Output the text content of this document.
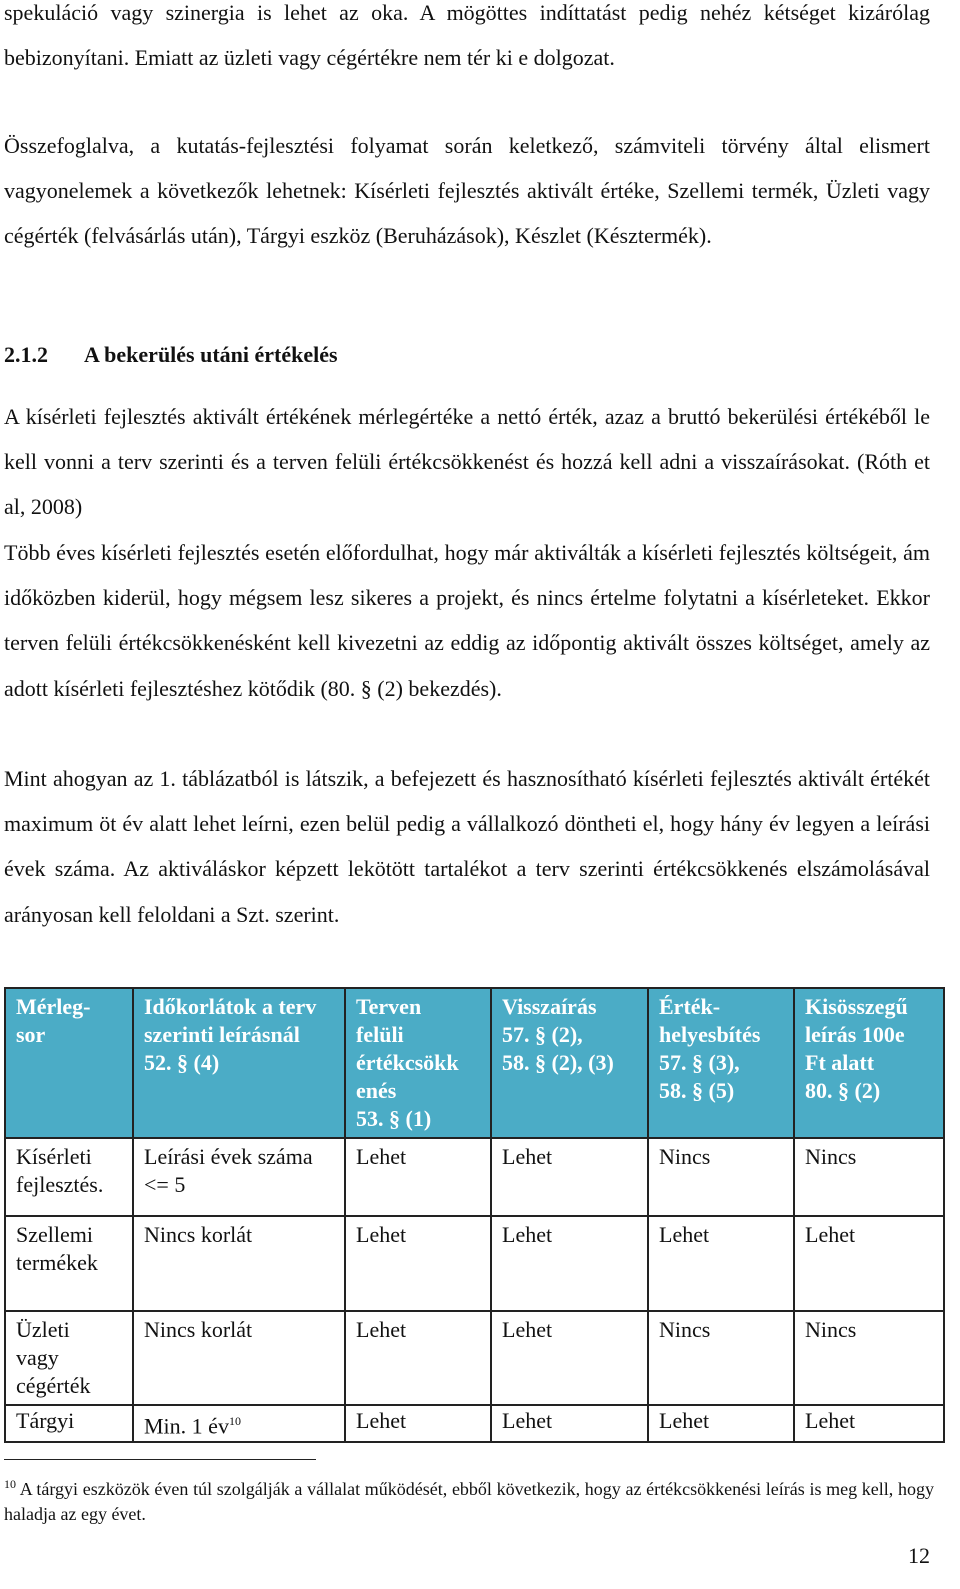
spekuláció vagy szinergia is lehet az oka. A mögöttes indíttatást pedig nehéz kétséget kizárólag bebizonyítani. Emiatt az üzleti vagy cégértékre nem tér ki e dolgozat.

Összefoglalva, a kutatás-fejlesztési folyamat során keletkező, számviteli törvény által elismert vagyonelemek a következők lehetnek: Kísérleti fejlesztés aktivált értéke, Szellemi termék, Üzleti vagy cégérték (felvásárlás után), Tárgyi eszköz (Beruházások), Készlet (Késztermék).

2.1.2 A bekerülés utáni értékelés

A kísérleti fejlesztés aktivált értékének mérlegértéke a nettó érték, azaz a bruttó bekerülési értékéből le kell vonni a terv szerinti és a terven felüli értékcsökkenést és hozzá kell adni a visszaírásokat. (Róth et al, 2008)

Több éves kísérleti fejlesztés esetén előfordulhat, hogy már aktiválták a kísérleti fejlesztés költségeit, ám időközben kiderül, hogy mégsem lesz sikeres a projekt, és nincs értelme folytatni a kísérleteket. Ekkor terven felüli értékcsökkenésként kell kivezetni az eddig az időpontig aktivált összes költséget, amely az adott kísérleti fejlesztéshez kötődik (80. § (2) bekezdés).

Mint ahogyan az 1. táblázatból is látszik, a befejezett és hasznosítható kísérleti fejlesztés aktivált értékét maximum öt év alatt lehet leírni, ezen belül pedig a vállalkozó döntheti el, hogy hány év legyen a leírási évek száma. Az aktiváláskor képzett lekötött tartalékot a terv szerinti értékcsökkenés elszámolásával arányosan kell feloldani a Szt. szerint.

Mérleg-
sor	Időkorlátok a terv
szerinti leírásnál
52. § (4)	Terven
felüli
értékcsökk
enés
53. § (1)	Visszaírás
57. § (2),
58. § (2), (3)	Érték-
helyesbítés
57. § (3),
58. § (5)	Kisösszegű
leírás 100e
Ft alatt
80. § (2)
Kísérleti
fejlesztés.	Leírási évek száma
<= 5	Lehet	Lehet	Nincs	Nincs
Szellemi
termékek	Nincs korlát	Lehet	Lehet	Lehet	Lehet
Üzleti
vagy
cégérték	Nincs korlát	Lehet	Lehet	Nincs	Nincs
Tárgyi	Min. 1 $év^{10}$	Lehet	Lehet	Lehet	Lehet

$^{10}$ A tárgyi eszközök éven túl szolgálják a vállalat működését, ebből következik, hogy az értékcsökkenési leírás is meg kell, hogy haladja az egy évet.

12
